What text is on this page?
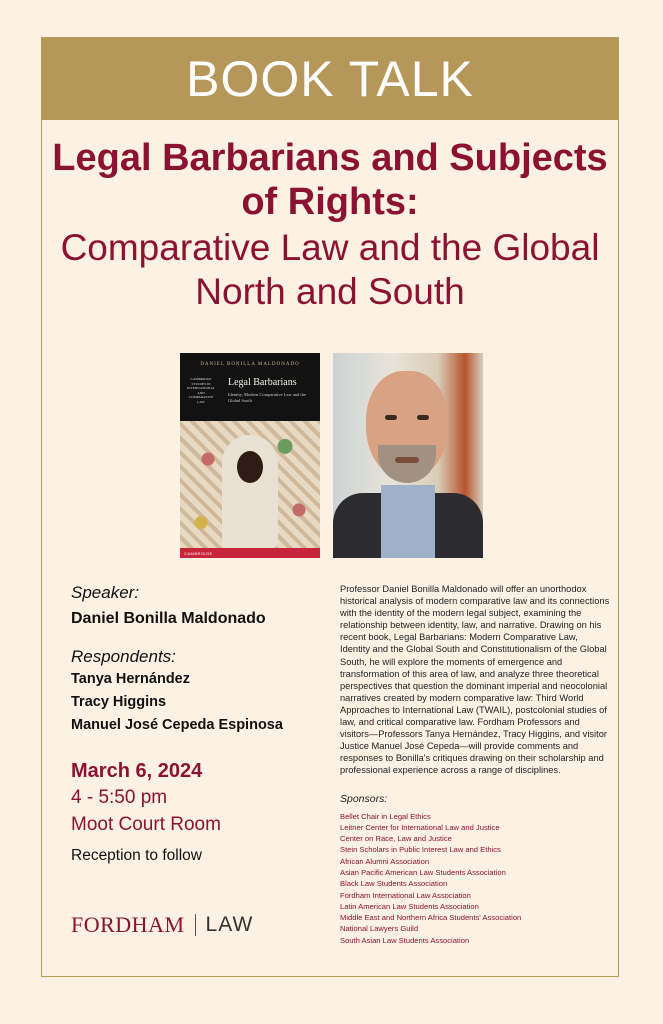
BOOK TALK
Legal Barbarians and Subjects of Rights:
Comparative Law and the Global North and South
DANIEL BONILLA MALDONADO
CAMBRIDGE STUDIES IN INTERNATIONAL AND COMPARATIVE LAW
Legal Barbarians
Identity, Modern Comparative Law and the Global South
CAMBRIDGE
Speaker:
Daniel Bonilla Maldonado
Respondents:
Tanya Hernández
Tracy Higgins
Manuel José Cepeda Espinosa
March 6, 2024
4 - 5:50 pm
Moot Court Room
Reception to follow
FORDHAM LAW

Professor Daniel Bonilla Maldonado will offer an unorthodox historical analysis of modern comparative law and its connections with the identity of the modern legal subject, examining the relationship between identity, law, and narrative. Drawing on his recent book, Legal Barbarians: Modern Comparative Law, Identity and the Global South and Constitutionalism of the Global South, he will explore the moments of emergence and transformation of this area of law, and analyze three theoretical perspectives that question the dominant imperial and neocolonial narratives created by modern comparative law: Third World Approaches to International Law (TWAIL), postcolonial studies of law, and critical comparative law. Fordham Professors and visitors—Professors Tanya Hernández, Tracy Higgins, and visitor Justice Manuel José Cepeda—will provide comments and responses to Bonilla's critiques drawing on their scholarship and professional experience across a range of disciplines.

Sponsors:
Bellet Chair in Legal Ethics
Leitner Center for International Law and Justice
Center on Race, Law and Justice
Stein Scholars in Public Interest Law and Ethics
African Alumni Association
Asian Pacific American Law Students Association
Black Law Students Association
Fordham International Law Association
Latin American Law Students Association
Middle East and Northern Africa Students' Association
National Lawyers Guild
South Asian Law Students Association
